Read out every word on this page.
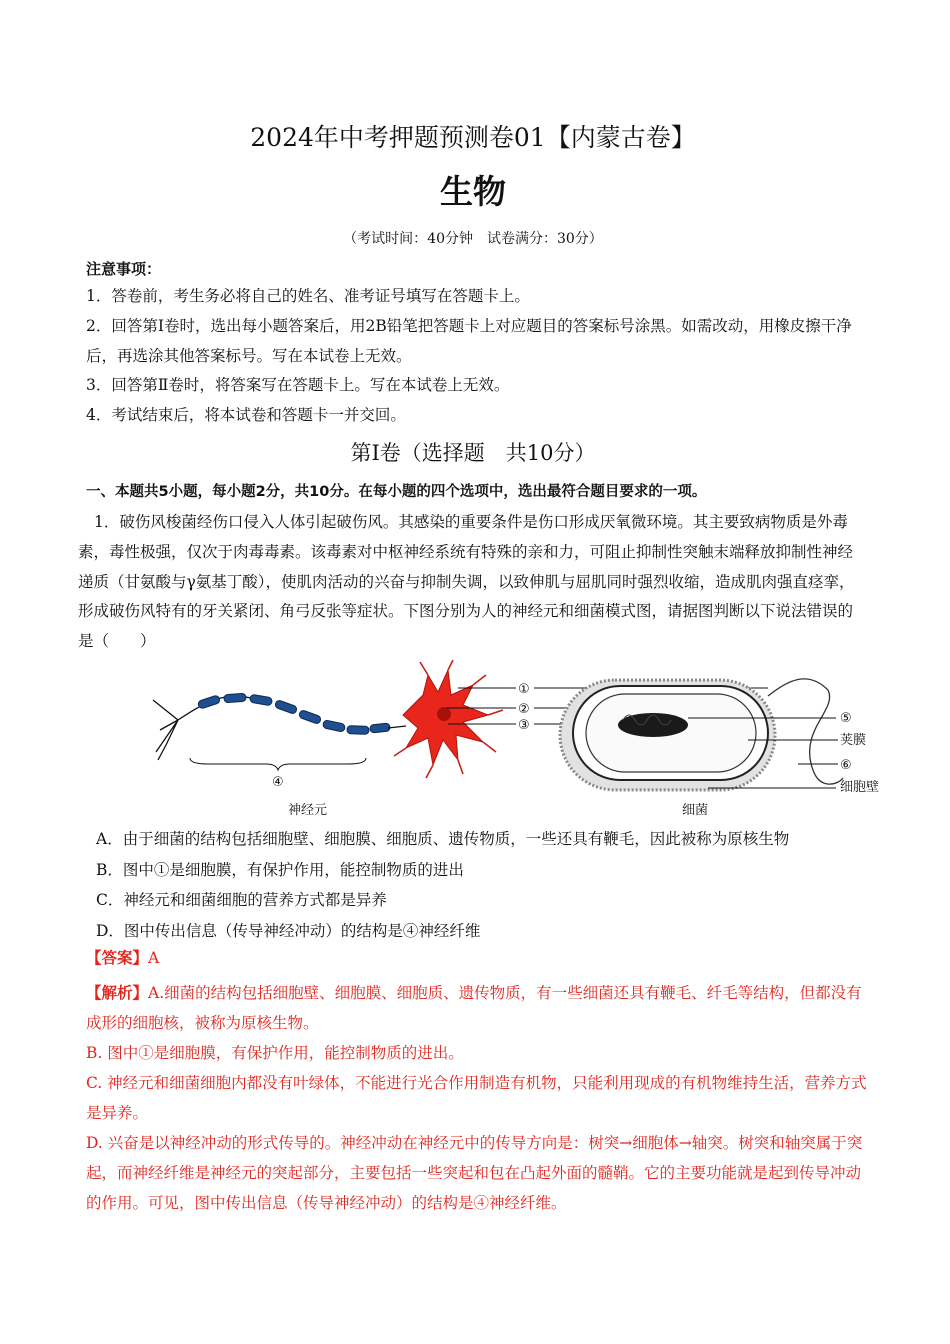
2024年中考押题预测卷01【内蒙古卷】
生物
（考试时间：40分钟　试卷满分：30分）
注意事项：
1．答卷前，考生务必将自己的姓名、准考证号填写在答题卡上。
2．回答第Ⅰ卷时，选出每小题答案后，用2B铅笔把答题卡上对应题目的答案标号涂黑。如需改动，用橡皮擦干净后，再选涂其他答案标号。写在本试卷上无效。
3．回答第Ⅱ卷时，将答案写在答题卡上。写在本试卷上无效。
4．考试结束后，将本试卷和答题卡一并交回。
第Ⅰ卷（选择题　共10分）
一、本题共5小题，每小题2分，共10分。在每小题的四个选项中，选出最符合题目要求的一项。
1．破伤风梭菌经伤口侵入人体引起破伤风。其感染的重要条件是伤口形成厌氧微环境。其主要致病物质是外毒素，毒性极强，仅次于肉毒毒素。该毒素对中枢神经系统有特殊的亲和力，可阻止抑制性突触末端释放抑制性神经递质（甘氨酸与γ氨基丁酸），使肌肉活动的兴奋与抑制失调，以致伸肌与屈肌同时强烈收缩，造成肌肉强直痉挛，形成破伤风特有的牙关紧闭、角弓反张等症状。下图分别为人的神经元和细菌模式图，请据图判断以下说法错误的是（　　）
④
①
②
③	⑤
荚膜
⑥
细胞壁
神经元	细菌
A．由于细菌的结构包括细胞壁、细胞膜、细胞质、遗传物质，一些还具有鞭毛，因此被称为原核生物
B．图中①是细胞膜，有保护作用，能控制物质的进出
C．神经元和细菌细胞的营养方式都是异养
D．图中传出信息（传导神经冲动）的结构是④神经纤维
【答案】A

【解析】A.细菌的结构包括细胞壁、细胞膜、细胞质、遗传物质，有一些细菌还具有鞭毛、纤毛等结构，但都没有成形的细胞核，被称为原核生物。

B. 图中①是细胞膜，有保护作用，能控制物质的进出。

C. 神经元和细菌细胞内都没有叶绿体，不能进行光合作用制造有机物，只能利用现成的有机物维持生活，营养方式是异养。

D. 兴奋是以神经冲动的形式传导的。神经冲动在神经元中的传导方向是：树突→细胞体→轴突。树突和轴突属于突起，而神经纤维是神经元的突起部分，主要包括一些突起和包在凸起外面的髓鞘。它的主要功能就是起到传导冲动的作用。可见，图中传出信息（传导神经冲动）的结构是④神经纤维。
